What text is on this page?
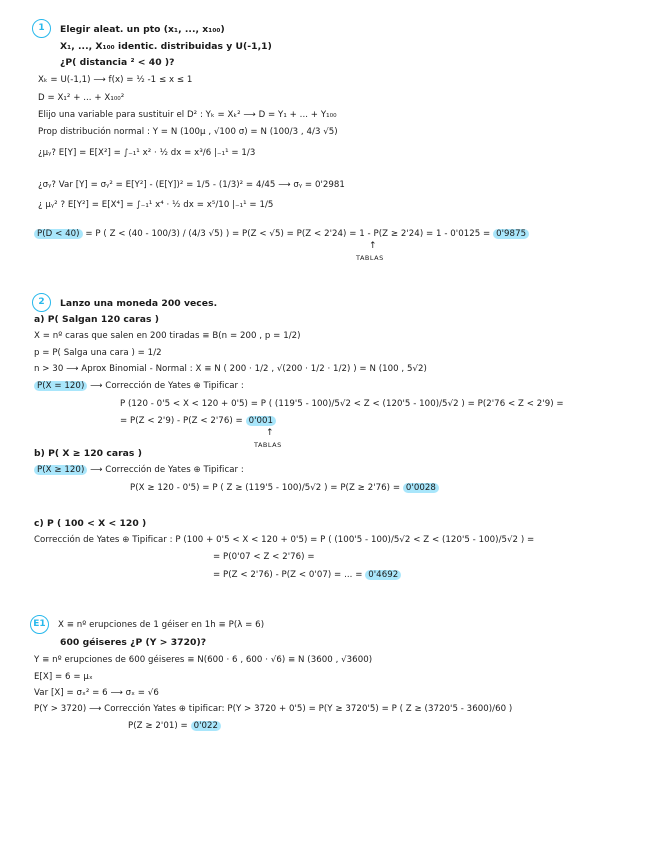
1	Elegir aleat. un pto (x₁, ..., x₁₀₀)
X₁, ..., X₁₀₀ identic. distribuidas y U(-1,1)
¿P( distancia ² < 40 )?
Xₖ = U(-1,1) ⟶ f(x) = ½ -1 ≤ x ≤ 1
D = X₁² + ... + X₁₀₀²
Elijo una variable para sustituir el D² : Yₖ = Xₖ² ⟶ D = Y₁ + ... + Y₁₀₀
Prop distribución normal : Y = N (100μ , √100 σ) = N (100/3 , 4/3 √5)
¿μᵧ? E[Y] = E[X²] = ∫₋₁¹ x² · ½ dx = x³/6 |₋₁¹ = 1/3
¿σᵧ? Var [Y] = σᵧ² = E[Y²] - (E[Y])² = 1/5 - (1/3)² = 4/45 ⟶ σᵧ = 0'2981
¿ μᵧ² ? E[Y²] = E[X⁴] = ∫₋₁¹ x⁴ · ½ dx = x⁵/10 |₋₁¹ = 1/5
P(D < 40) = P ( Z < (40 - 100/3) / (4/3 √5) ) = P(Z < √5) = P(Z < 2'24) = 1 - P(Z ≥ 2'24) = 1 - 0'0125 = 0'9875
↑
TABLAS
2	Lanzo una moneda 200 veces.
a) P( Salgan 120 caras )
X = nº caras que salen en 200 tiradas ≡ B(n = 200 , p = 1/2)
p = P( Salga una cara ) = 1/2
n > 30 ⟶ Aprox Binomial - Normal : X ≡ N ( 200 · 1/2 , √(200 · 1/2 · 1/2) ) = N (100 , 5√2)
P(X = 120) ⟶ Corrección de Yates ⊕ Tipificar :
P (120 - 0'5 < X < 120 + 0'5) = P ( (119'5 - 100)/5√2 < Z < (120'5 - 100)/5√2 ) = P(2'76 < Z < 2'9) =
= P(Z < 2'9) - P(Z < 2'76) = 0'001
↑
TABLAS
b) P( X ≥ 120 caras )
P(X ≥ 120) ⟶ Corrección de Yates ⊕ Tipificar :
P(X ≥ 120 - 0'5) = P ( Z ≥ (119'5 - 100)/5√2 ) = P(Z ≥ 2'76) = 0'0028
c) P ( 100 < X < 120 )
Corrección de Yates ⊕ Tipificar : P (100 + 0'5 < X < 120 + 0'5) = P ( (100'5 - 100)/5√2 < Z < (120'5 - 100)/5√2 ) =
= P(0'07 < Z < 2'76) =
= P(Z < 2'76) - P(Z < 0'07) = ... = 0'4692
E1	X ≡ nº erupciones de 1 géiser en 1h ≡ P(λ = 6)
600 géiseres ¿P (Y > 3720)?
Y ≡ nº erupciones de 600 géiseres ≡ N(600 · 6 , 600 · √6) ≡ N (3600 , √3600)
E[X] = 6 = μₓ
Var [X] = σₓ² = 6 ⟶ σₓ = √6
P(Y > 3720) ⟶ Corrección Yates ⊕ tipificar: P(Y > 3720 + 0'5) = P(Y ≥ 3720'5) = P ( Z ≥ (3720'5 - 3600)/60 )
P(Z ≥ 2'01) = 0'022
